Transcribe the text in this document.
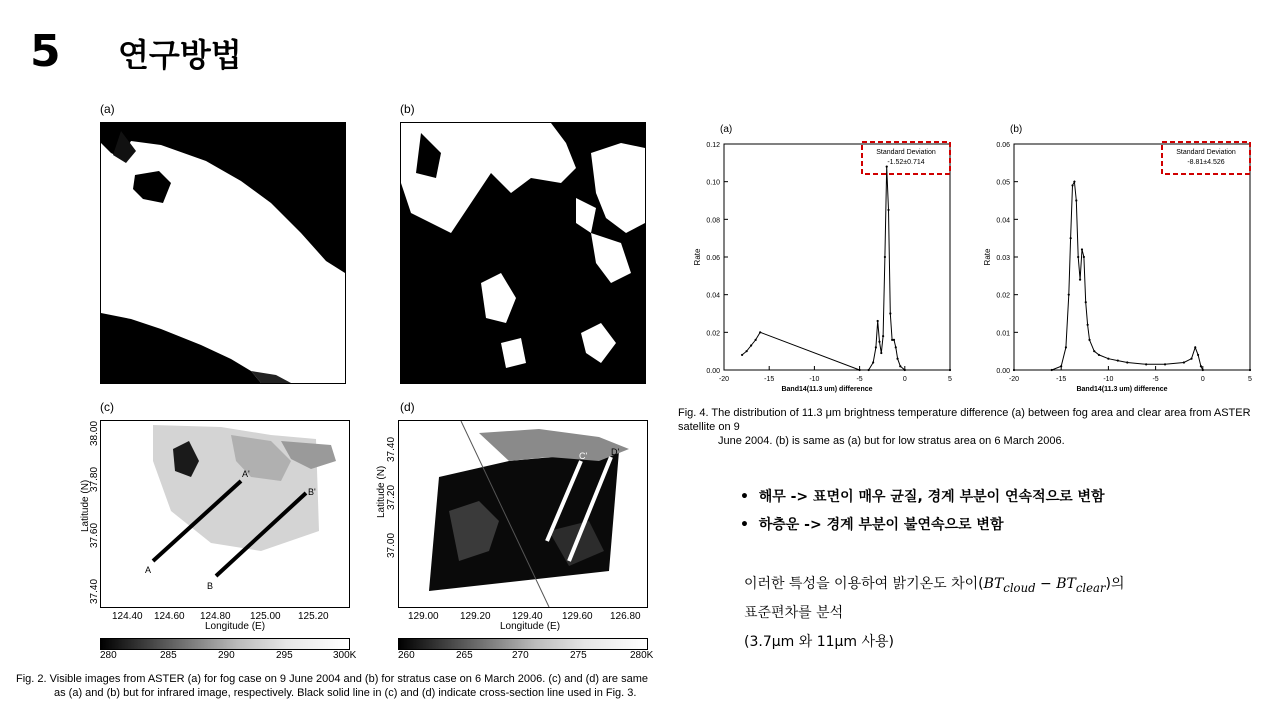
5 연구방법
(a)	(b)
(c)	(d)
A
A'
B
B'
Latitude (N)
38.00
37.80
37.60
37.40
124.40 124.60 124.80 125.00 125.20
Longitude (E)
C'	D'
Latitude (N)
37.40
37.20
37.00
129.00 129.20 129.40 129.60 126.80
Longitude (E)
280	285	290	295	300K	260	265	270	275	280K
Fig. 2. Visible images from ASTER (a) for fog case on 9 June 2004 and (b) for stratus case on 6 March 2006. (c) and (d) are same
as (a) and (b) but for infrared image, respectively. Black solid line in (c) and (d) indicate cross-section line used in Fig. 3.
(a)
0.00
0.02
0.04
0.06
0.08
0.10
0.12
-20	-15	-10	-5	0	5
Band14(11.3 um) difference
Rate
Standard Deviation
-1.52±0.714
(b)
0.00
0.01
0.02
0.03
0.04
0.05
0.06
-20	-15	-10	-5	0	5
Band14(11.3 um) difference
Rate
Standard Deviation
-8.81±4.526
Fig. 4. The distribution of 11.3 μm brightness temperature difference (a) between fog area and clear area from ASTER satellite on 9
June 2004. (b) is same as (a) but for low stratus area on 6 March 2006.
•  해무 -> 표면이 매우 균질, 경계 부분이 연속적으로 변함
•  하층운 -> 경계 부분이 불연속으로 변함
이러한 특성을 이용하여 밝기온도 차이$(BT_{cloud} - BT_{clear})$의
표준편차를 분석
(3.7μm 와 11μm 사용)
